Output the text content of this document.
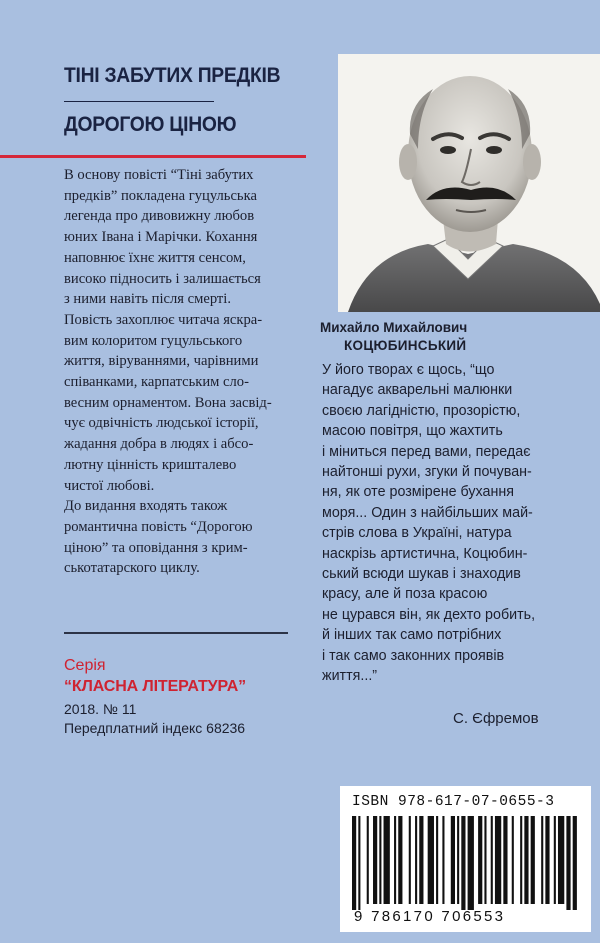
ТІНІ ЗАБУТИХ ПРЕДКІВ
ДОРОГОЮ ЦІНОЮ
В основу повісті “Тіні забутих
предків” покладена гуцульська
легенда про дивовижну любов
юних Івана і Марічки. Кохання
наповнює їхнє життя сенсом,
високо підносить і залишається
з ними навіть після смерті.
Повість захоплює читача яскра-
вим колоритом гуцульського
життя, віруваннями, чарівними
співанками, карпатським сло-
весним орнаментом. Вона засвід-
чує одвічність людської історії,
жадання добра в людях і абсо-
лютну цінність кришталево
чистої любові.
До видання входять також
романтична повість “Дорогою
ціною” та оповідання з крим-
ськотатарского циклу.

Серія

“КЛАСНА ЛІТЕРАТУРА”

2018. № 11

Передплатний індекс 68236

Михайло Михайлович

КОЦЮБИНСЬКИЙ

У його творах є щось, “що
нагадує акварельні малюнки
своєю лагідністю, прозорістю,
масою повітря, що жахтить
і міниться перед вами, передає
найтонші рухи, згуки й почуван-
ня, як оте розмірене бухання
моря... Один з найбільших май-
стрів слова в Україні, натура
наскрізь артистична, Коцюбин-
ський всюди шукав і знаходив
красу, але й поза красою
не цурався він, як дехто робить,
й інших так само потрібних
і так само законних проявів
життя...”

С. Єфремов

ISBN 978-617-07-0655-3

9 786170 706553
